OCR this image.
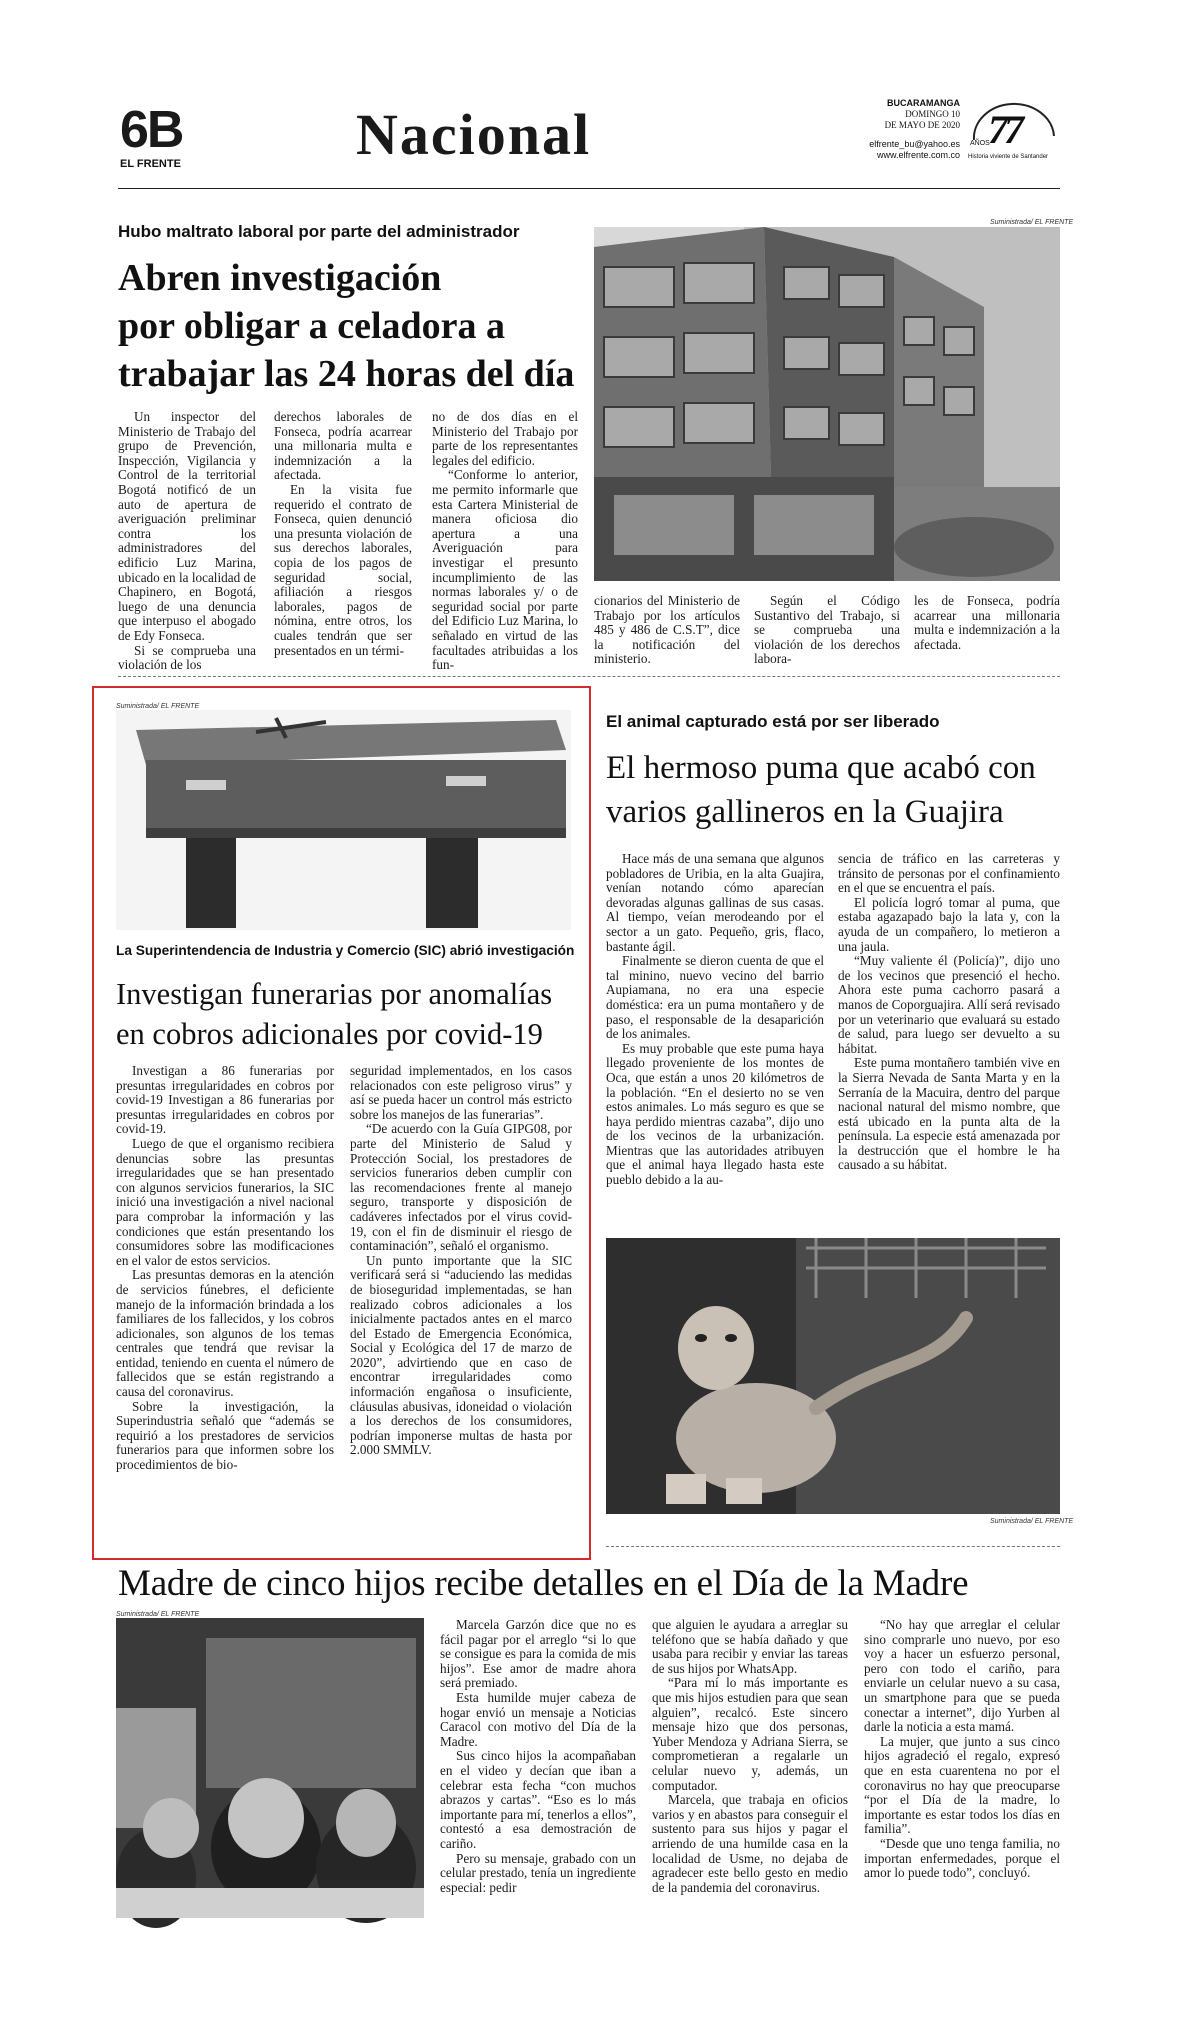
6B
EL FRENTE	Nacional	BUCARAMANGA
DOMINGO 10
DE MAYO DE 2020
elfrente_bu@yahoo.es
www.elfrente.com.co
77
AÑOS
Historia viviente de Santander
Hubo maltrato laboral por parte del administrador
Abren investigación
por obligar a celadora a
trabajar las 24 horas del día
Suministrada/ EL FRENTE

Un inspector del Ministerio de Trabajo del grupo de Prevención, Inspección, Vigilancia y Control de la territorial Bogotá notificó de un auto de apertura de averiguación preliminar contra los administradores del edificio Luz Marina, ubicado en la localidad de Chapinero, en Bogotá, luego de una denuncia que interpuso el abogado de Edy Fonseca.

Si se comprueba una violación de los

derechos laborales de Fonseca, podría acarrear una millonaria multa e indemnización a la afectada.

En la visita fue requerido el contrato de Fonseca, quien denunció una presunta violación de sus derechos laborales, copia de los pagos de seguridad social, afiliación a riesgos laborales, pagos de nómina, entre otros, los cuales tendrán que ser presentados en un térmi-

no de dos días en el Ministerio del Trabajo por parte de los representantes legales del edificio.

“Conforme lo anterior, me permito informarle que esta Cartera Ministerial de manera oficiosa dio apertura a una Averiguación para investigar el presunto incumplimiento de las normas laborales y/ o de seguridad social por parte del Edificio Luz Marina, lo señalado en virtud de las facultades atribuidas a los fun-

cionarios del Ministerio de Trabajo por los artículos 485 y 486 de C.S.T”, dice la notificación del ministerio.

Según el Código Sustantivo del Trabajo, si se comprueba una violación de los derechos labora-

les de Fonseca, podría acarrear una millonaria multa e indemnización a la afectada.

Suministrada/ EL FRENTE
La Superintendencia de Industria y Comercio (SIC) abrió investigación
Investigan funerarias por anomalías
en cobros adicionales por covid-19

Investigan a 86 funerarias por presuntas irregularidades en cobros por covid-19 Investigan a 86 funerarias por presuntas irregularidades en cobros por covid-19.

Luego de que el organismo recibiera denuncias sobre las presuntas irregularidades que se han presentado con algunos servicios funerarios, la SIC inició una investigación a nivel nacional para comprobar la información y las condiciones que están presentando los consumidores sobre las modificaciones en el valor de estos servicios.

Las presuntas demoras en la atención de servicios fúnebres, el deficiente manejo de la información brindada a los familiares de los fallecidos, y los cobros adicionales, son algunos de los temas centrales que tendrá que revisar la entidad, teniendo en cuenta el número de fallecidos que se están registrando a causa del coronavirus.

Sobre la investigación, la Superindustria señaló que “además se requirió a los prestadores de servicios funerarios para que informen sobre los procedimientos de bio-

seguridad implementados, en los casos relacionados con este peligroso virus” y así se pueda hacer un control más estricto sobre los manejos de las funerarias”.

“De acuerdo con la Guía GIPG08, por parte del Ministerio de Salud y Protección Social, los prestadores de servicios funerarios deben cumplir con las recomendaciones frente al manejo seguro, transporte y disposición de cadáveres infectados por el virus covid-19, con el fin de disminuir el riesgo de contaminación”, señaló el organismo.

Un punto importante que la SIC verificará será si “aduciendo las medidas de bioseguridad implementadas, se han realizado cobros adicionales a los inicialmente pactados antes en el marco del Estado de Emergencia Económica, Social y Ecológica del 17 de marzo de 2020”, advirtiendo que en caso de encontrar irregularidades como información engañosa o insuficiente, cláusulas abusivas, idoneidad o violación a los derechos de los consumidores, podrían imponerse multas de hasta por 2.000 SMMLV.

El animal capturado está por ser liberado
El hermoso puma que acabó con
varios gallineros en la Guajira

Hace más de una semana que algunos pobladores de Uribia, en la alta Guajira, venían notando cómo aparecían devoradas algunas gallinas de sus casas. Al tiempo, veían merodeando por el sector a un gato. Pequeño, gris, flaco, bastante ágil.

Finalmente se dieron cuenta de que el tal minino, nuevo vecino del barrio Aupiamana, no era una especie doméstica: era un puma montañero y de paso, el responsable de la desaparición de los animales.

Es muy probable que este puma haya llegado proveniente de los montes de Oca, que están a unos 20 kilómetros de la población. “En el desierto no se ven estos animales. Lo más seguro es que se haya perdido mientras cazaba”, dijo uno de los vecinos de la urbanización. Mientras que las autoridades atribuyen que el animal haya llegado hasta este pueblo debido a la au-

sencia de tráfico en las carreteras y tránsito de personas por el confinamiento en el que se encuentra el país.

El policía logró tomar al puma, que estaba agazapado bajo la lata y, con la ayuda de un compañero, lo metieron a una jaula.

“Muy valiente él (Policía)”, dijo uno de los vecinos que presenció el hecho. Ahora este puma cachorro pasará a manos de Coporguajira. Allí será revisado por un veterinario que evaluará su estado de salud, para luego ser devuelto a su hábitat.

Este puma montañero también vive en la Sierra Nevada de Santa Marta y en la Serranía de la Macuira, dentro del parque nacional natural del mismo nombre, que está ubicado en la punta alta de la península. La especie está amenazada por la destrucción que el hombre le ha causado a su hábitat.

Suministrada/ EL FRENTE
Madre de cinco hijos recibe detalles en el Día de la Madre
Suministrada/ EL FRENTE

Marcela Garzón dice que no es fácil pagar por el arreglo “si lo que se consigue es para la comida de mis hijos”. Ese amor de madre ahora será premiado.

Esta humilde mujer cabeza de hogar envió un mensaje a Noticias Caracol con motivo del Día de la Madre.

Sus cinco hijos la acompañaban en el video y decían que iban a celebrar esta fecha “con muchos abrazos y cartas”. “Eso es lo más importante para mí, tenerlos a ellos”, contestó a esa demostración de cariño.

Pero su mensaje, grabado con un celular prestado, tenía un ingrediente especial: pedir

que alguien le ayudara a arreglar su teléfono que se había dañado y que usaba para recibir y enviar las tareas de sus hijos por WhatsApp.

“Para mí lo más importante es que mis hijos estudien para que sean alguien”, recalcó. Este sincero mensaje hizo que dos personas, Yuber Mendoza y Adriana Sierra, se comprometieran a regalarle un celular nuevo y, además, un computador.

Marcela, que trabaja en oficios varios y en abastos para conseguir el sustento para sus hijos y pagar el arriendo de una humilde casa en la localidad de Usme, no dejaba de agradecer este bello gesto en medio de la pandemia del coronavirus.

“No hay que arreglar el celular sino comprarle uno nuevo, por eso voy a hacer un esfuerzo personal, pero con todo el cariño, para enviarle un celular nuevo a su casa, un smartphone para que se pueda conectar a internet”, dijo Yurben al darle la noticia a esta mamá.

La mujer, que junto a sus cinco hijos agradeció el regalo, expresó que en esta cuarentena no por el coronavirus no hay que preocuparse “por el Día de la madre, lo importante es estar todos los días en familia”.

“Desde que uno tenga familia, no importan enfermedades, porque el amor lo puede todo”, concluyó.
